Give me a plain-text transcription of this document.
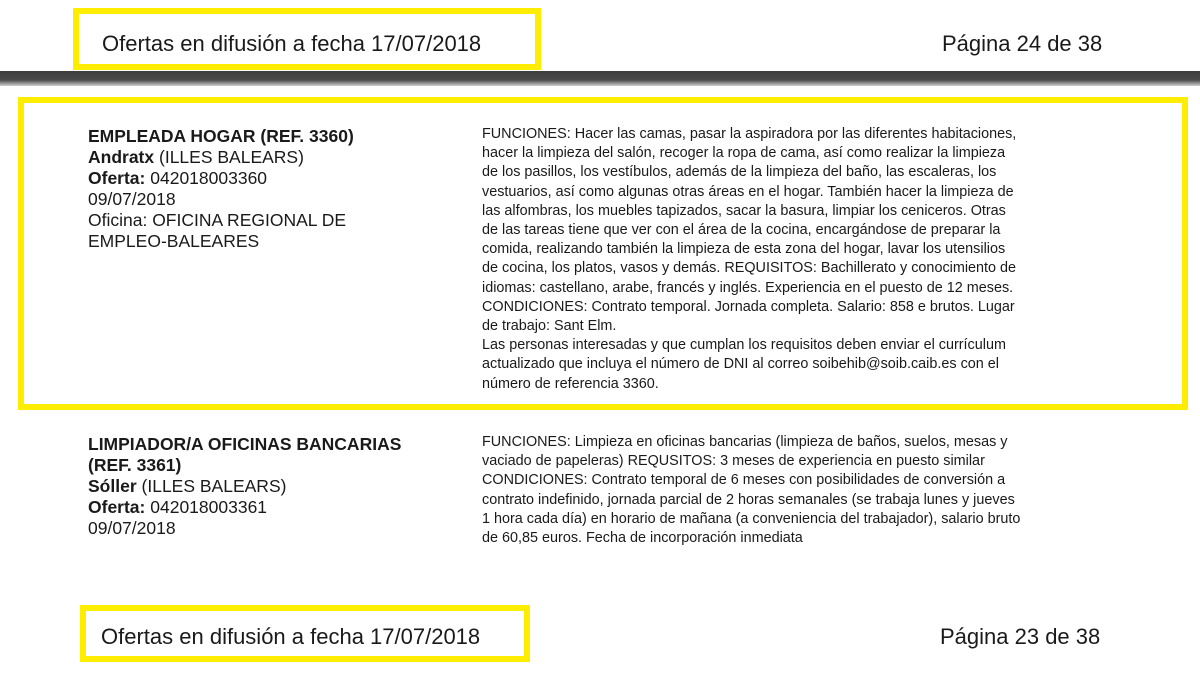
Ofertas en difusión a fecha 17/07/2018	Página 24 de 38
EMPLEADA HOGAR (REF. 3360)
Andratx (ILLES BALEARS)
Oferta: 042018003360
09/07/2018
Oficina: OFICINA REGIONAL DE
EMPLEO-BALEARES

FUNCIONES: Hacer las camas, pasar la aspiradora por las diferentes habitaciones,

hacer la limpieza del salón, recoger la ropa de cama, así como realizar la limpieza

de los pasillos, los vestíbulos, además de la limpieza del baño, las escaleras, los

vestuarios, así como algunas otras áreas en el hogar. También hacer la limpieza de

las alfombras, los muebles tapizados, sacar la basura, limpiar los ceniceros. Otras

de las tareas tiene que ver con el área de la cocina, encargándose de preparar la

comida, realizando también la limpieza de esta zona del hogar, lavar los utensilios

de cocina, los platos, vasos y demás. REQUISITOS: Bachillerato y conocimiento de

idiomas: castellano, arabe, francés y inglés. Experiencia en el puesto de 12 meses.

CONDICIONES: Contrato temporal. Jornada completa. Salario: 858 e brutos. Lugar

de trabajo: Sant Elm.

Las personas interesadas y que cumplan los requisitos deben enviar el currículum

actualizado que incluya el número de DNI al correo soibehib@soib.caib.es con el

número de referencia 3360.

LIMPIADOR/A OFICINAS BANCARIAS
(REF. 3361)
Sóller (ILLES BALEARS)
Oferta: 042018003361
09/07/2018

FUNCIONES: Limpieza en oficinas bancarias (limpieza de baños, suelos, mesas y

vaciado de papeleras) REQUSITOS: 3 meses de experiencia en puesto similar

CONDICIONES: Contrato temporal de 6 meses con posibilidades de conversión a

contrato indefinido, jornada parcial de 2 horas semanales (se trabaja lunes y jueves

1 hora cada día) en horario de mañana (a conveniencia del trabajador), salario bruto

de 60,85 euros. Fecha de incorporación inmediata

Ofertas en difusión a fecha 17/07/2018	Página 23 de 38
